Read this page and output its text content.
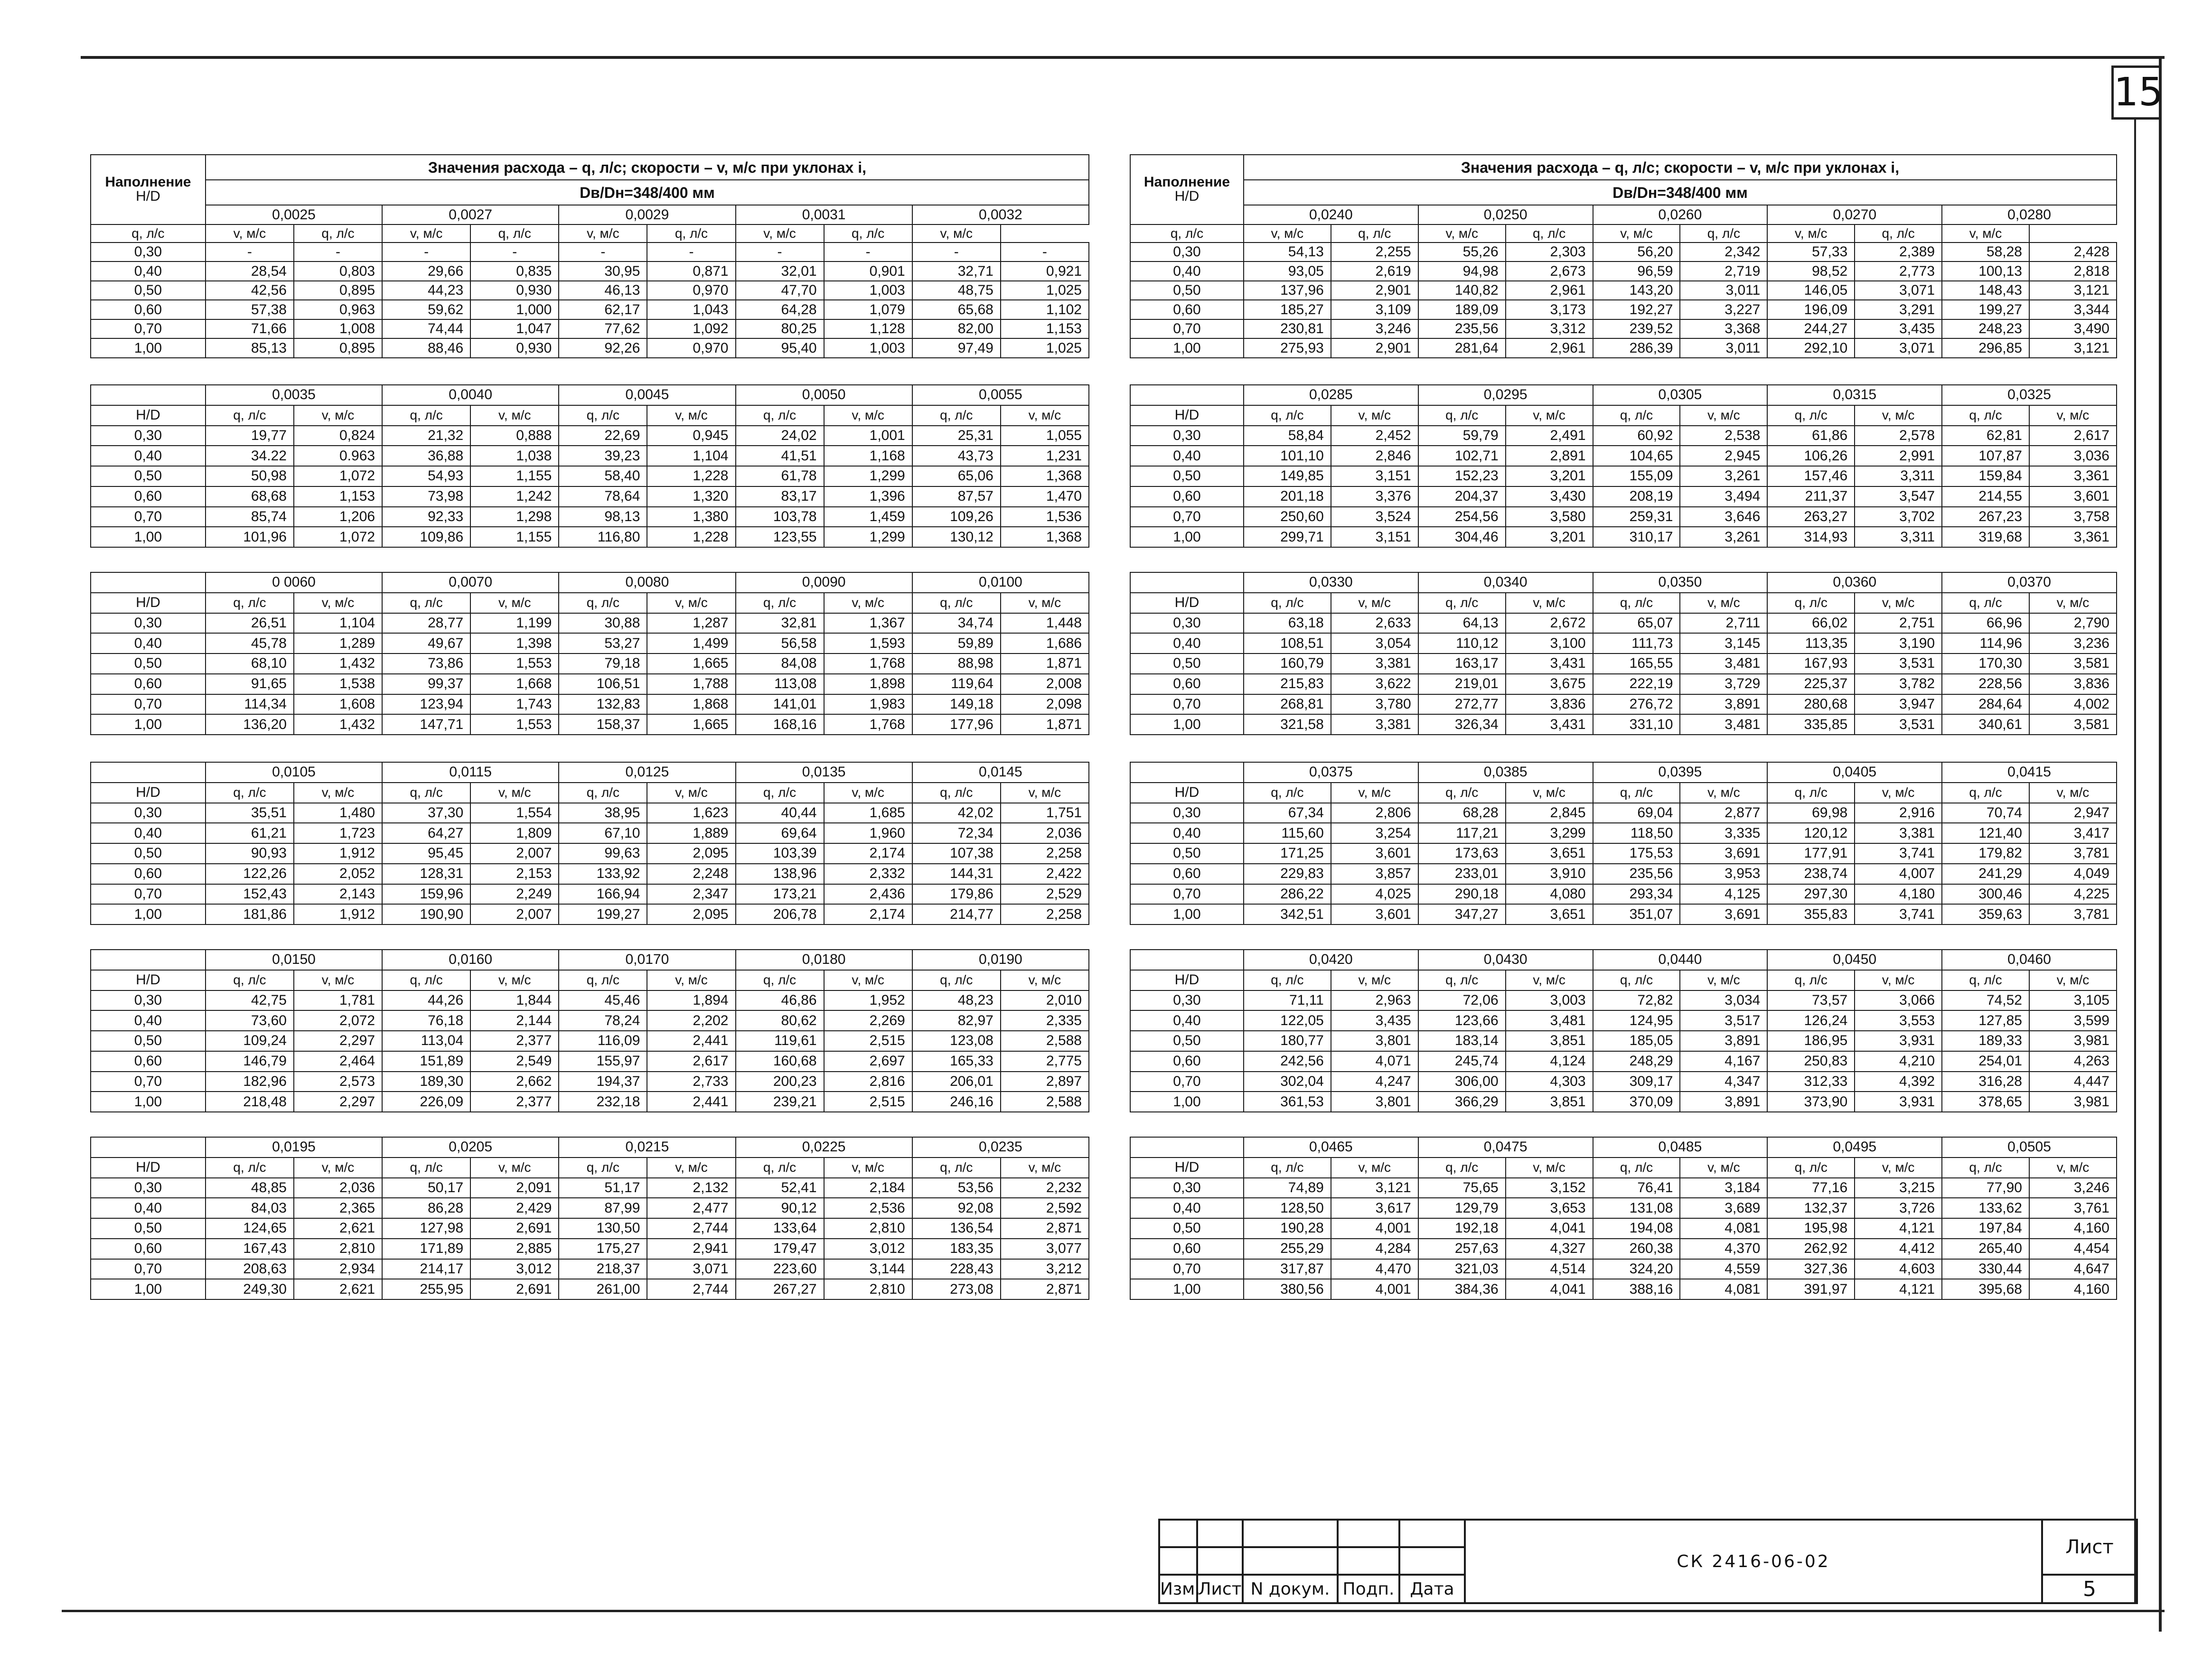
15
Наполнение
H/D	Значения расхода – q, л/с; скорости – v, м/с при уклонах i,									

	Dв/Dн=348/400 мм									
	0,0025		0,0027		0,0029		0,0031		0,0032	
q, л/с	v, м/с	q, л/с	v, м/с	q, л/с	v, м/с	q, л/с	v, м/с	q, л/с	v, м/с	
0,30	-	-	-	-	-	-	-	-	-	-
0,40	28,54	0,803	29,66	0,835	30,95	0,871	32,01	0,901	32,71	0,921
0,50	42,56	0,895	44,23	0,930	46,13	0,970	47,70	1,003	48,75	1,025
0,60	57,38	0,963	59,62	1,000	62,17	1,043	64,28	1,079	65,68	1,102
0,70	71,66	1,008	74,44	1,047	77,62	1,092	80,25	1,128	82,00	1,153
1,00	85,13	0,895	88,46	0,930	92,26	0,970	95,40	1,003	97,49	1,025
	0,0035		0,0040		0,0045		0,0050		0,0055	
H/D	q, л/с	v, м/с	q, л/с	v, м/с	q, л/с	v, м/с	q, л/с	v, м/с	q, л/с	v, м/с
0,30	19,77	0,824	21,32	0,888	22,69	0,945	24,02	1,001	25,31	1,055
0,40	34.22	0.963	36,88	1,038	39,23	1,104	41,51	1,168	43,73	1,231
0,50	50,98	1,072	54,93	1,155	58,40	1,228	61,78	1,299	65,06	1,368
0,60	68,68	1,153	73,98	1,242	78,64	1,320	83,17	1,396	87,57	1,470
0,70	85,74	1,206	92,33	1,298	98,13	1,380	103,78	1,459	109,26	1,536
1,00	101,96	1,072	109,86	1,155	116,80	1,228	123,55	1,299	130,12	1,368
	0 0060		0,0070		0,0080		0,0090		0,0100	
H/D	q, л/с	v, м/с	q, л/с	v, м/с	q, л/с	v, м/с	q, л/с	v, м/с	q, л/с	v, м/с
0,30	26,51	1,104	28,77	1,199	30,88	1,287	32,81	1,367	34,74	1,448
0,40	45,78	1,289	49,67	1,398	53,27	1,499	56,58	1,593	59,89	1,686
0,50	68,10	1,432	73,86	1,553	79,18	1,665	84,08	1,768	88,98	1,871
0,60	91,65	1,538	99,37	1,668	106,51	1,788	113,08	1,898	119,64	2,008
0,70	114,34	1,608	123,94	1,743	132,83	1,868	141,01	1,983	149,18	2,098
1,00	136,20	1,432	147,71	1,553	158,37	1,665	168,16	1,768	177,96	1,871
	0,0105		0,0115		0,0125		0,0135		0,0145	
H/D	q, л/с	v, м/с	q, л/с	v, м/с	q, л/с	v, м/с	q, л/с	v, м/с	q, л/с	v, м/с
0,30	35,51	1,480	37,30	1,554	38,95	1,623	40,44	1,685	42,02	1,751
0,40	61,21	1,723	64,27	1,809	67,10	1,889	69,64	1,960	72,34	2,036
0,50	90,93	1,912	95,45	2,007	99,63	2,095	103,39	2,174	107,38	2,258
0,60	122,26	2,052	128,31	2,153	133,92	2,248	138,96	2,332	144,31	2,422
0,70	152,43	2,143	159,96	2,249	166,94	2,347	173,21	2,436	179,86	2,529
1,00	181,86	1,912	190,90	2,007	199,27	2,095	206,78	2,174	214,77	2,258
	0,0150		0,0160		0,0170		0,0180		0,0190	
H/D	q, л/с	v, м/с	q, л/с	v, м/с	q, л/с	v, м/с	q, л/с	v, м/с	q, л/с	v, м/с
0,30	42,75	1,781	44,26	1,844	45,46	1,894	46,86	1,952	48,23	2,010
0,40	73,60	2,072	76,18	2,144	78,24	2,202	80,62	2,269	82,97	2,335
0,50	109,24	2,297	113,04	2,377	116,09	2,441	119,61	2,515	123,08	2,588
0,60	146,79	2,464	151,89	2,549	155,97	2,617	160,68	2,697	165,33	2,775
0,70	182,96	2,573	189,30	2,662	194,37	2,733	200,23	2,816	206,01	2,897
1,00	218,48	2,297	226,09	2,377	232,18	2,441	239,21	2,515	246,16	2,588
	0,0195		0,0205		0,0215		0,0225		0,0235	
H/D	q, л/с	v, м/с	q, л/с	v, м/с	q, л/с	v, м/с	q, л/с	v, м/с	q, л/с	v, м/с
0,30	48,85	2,036	50,17	2,091	51,17	2,132	52,41	2,184	53,56	2,232
0,40	84,03	2,365	86,28	2,429	87,99	2,477	90,12	2,536	92,08	2,592
0,50	124,65	2,621	127,98	2,691	130,50	2,744	133,64	2,810	136,54	2,871
0,60	167,43	2,810	171,89	2,885	175,27	2,941	179,47	3,012	183,35	3,077
0,70	208,63	2,934	214,17	3,012	218,37	3,071	223,60	3,144	228,43	3,212
1,00	249,30	2,621	255,95	2,691	261,00	2,744	267,27	2,810	273,08	2,871
Наполнение
H/D	Значения расхода – q, л/с; скорости – v, м/с при уклонах i,									

	Dв/Dн=348/400 мм									
	0,0240		0,0250		0,0260		0,0270		0,0280	
q, л/с	v, м/с	q, л/с	v, м/с	q, л/с	v, м/с	q, л/с	v, м/с	q, л/с	v, м/с	
0,30	54,13	2,255	55,26	2,303	56,20	2,342	57,33	2,389	58,28	2,428
0,40	93,05	2,619	94,98	2,673	96,59	2,719	98,52	2,773	100,13	2,818
0,50	137,96	2,901	140,82	2,961	143,20	3,011	146,05	3,071	148,43	3,121
0,60	185,27	3,109	189,09	3,173	192,27	3,227	196,09	3,291	199,27	3,344
0,70	230,81	3,246	235,56	3,312	239,52	3,368	244,27	3,435	248,23	3,490
1,00	275,93	2,901	281,64	2,961	286,39	3,011	292,10	3,071	296,85	3,121
	0,0285		0,0295		0,0305		0,0315		0,0325	
H/D	q, л/с	v, м/с	q, л/с	v, м/с	q, л/с	v, м/с	q, л/с	v, м/с	q, л/с	v, м/с
0,30	58,84	2,452	59,79	2,491	60,92	2,538	61,86	2,578	62,81	2,617
0,40	101,10	2,846	102,71	2,891	104,65	2,945	106,26	2,991	107,87	3,036
0,50	149,85	3,151	152,23	3,201	155,09	3,261	157,46	3,311	159,84	3,361
0,60	201,18	3,376	204,37	3,430	208,19	3,494	211,37	3,547	214,55	3,601
0,70	250,60	3,524	254,56	3,580	259,31	3,646	263,27	3,702	267,23	3,758
1,00	299,71	3,151	304,46	3,201	310,17	3,261	314,93	3,311	319,68	3,361
	0,0330		0,0340		0,0350		0,0360		0,0370	
H/D	q, л/с	v, м/с	q, л/с	v, м/с	q, л/с	v, м/с	q, л/с	v, м/с	q, л/с	v, м/с
0,30	63,18	2,633	64,13	2,672	65,07	2,711	66,02	2,751	66,96	2,790
0,40	108,51	3,054	110,12	3,100	111,73	3,145	113,35	3,190	114,96	3,236
0,50	160,79	3,381	163,17	3,431	165,55	3,481	167,93	3,531	170,30	3,581
0,60	215,83	3,622	219,01	3,675	222,19	3,729	225,37	3,782	228,56	3,836
0,70	268,81	3,780	272,77	3,836	276,72	3,891	280,68	3,947	284,64	4,002
1,00	321,58	3,381	326,34	3,431	331,10	3,481	335,85	3,531	340,61	3,581
	0,0375		0,0385		0,0395		0,0405		0,0415	
H/D	q, л/с	v, м/с	q, л/с	v, м/с	q, л/с	v, м/с	q, л/с	v, м/с	q, л/с	v, м/с
0,30	67,34	2,806	68,28	2,845	69,04	2,877	69,98	2,916	70,74	2,947
0,40	115,60	3,254	117,21	3,299	118,50	3,335	120,12	3,381	121,40	3,417
0,50	171,25	3,601	173,63	3,651	175,53	3,691	177,91	3,741	179,82	3,781
0,60	229,83	3,857	233,01	3,910	235,56	3,953	238,74	4,007	241,29	4,049
0,70	286,22	4,025	290,18	4,080	293,34	4,125	297,30	4,180	300,46	4,225
1,00	342,51	3,601	347,27	3,651	351,07	3,691	355,83	3,741	359,63	3,781
	0,0420		0,0430		0,0440		0,0450		0,0460	
H/D	q, л/с	v, м/с	q, л/с	v, м/с	q, л/с	v, м/с	q, л/с	v, м/с	q, л/с	v, м/с
0,30	71,11	2,963	72,06	3,003	72,82	3,034	73,57	3,066	74,52	3,105
0,40	122,05	3,435	123,66	3,481	124,95	3,517	126,24	3,553	127,85	3,599
0,50	180,77	3,801	183,14	3,851	185,05	3,891	186,95	3,931	189,33	3,981
0,60	242,56	4,071	245,74	4,124	248,29	4,167	250,83	4,210	254,01	4,263
0,70	302,04	4,247	306,00	4,303	309,17	4,347	312,33	4,392	316,28	4,447
1,00	361,53	3,801	366,29	3,851	370,09	3,891	373,90	3,931	378,65	3,981
	0,0465		0,0475		0,0485		0,0495		0,0505	
H/D	q, л/с	v, м/с	q, л/с	v, м/с	q, л/с	v, м/с	q, л/с	v, м/с	q, л/с	v, м/с
0,30	74,89	3,121	75,65	3,152	76,41	3,184	77,16	3,215	77,90	3,246
0,40	128,50	3,617	129,79	3,653	131,08	3,689	132,37	3,726	133,62	3,761
0,50	190,28	4,001	192,18	4,041	194,08	4,081	195,98	4,121	197,84	4,160
0,60	255,29	4,284	257,63	4,327	260,38	4,370	262,92	4,412	265,40	4,454
0,70	317,87	4,470	321,03	4,514	324,20	4,559	327,36	4,603	330,44	4,647
1,00	380,56	4,001	384,36	4,041	388,16	4,081	391,97	4,121	395,68	4,160
					СК 2416-06-02	Лист

Изм.	Лист	N докум.	Подп.	Дата		5
